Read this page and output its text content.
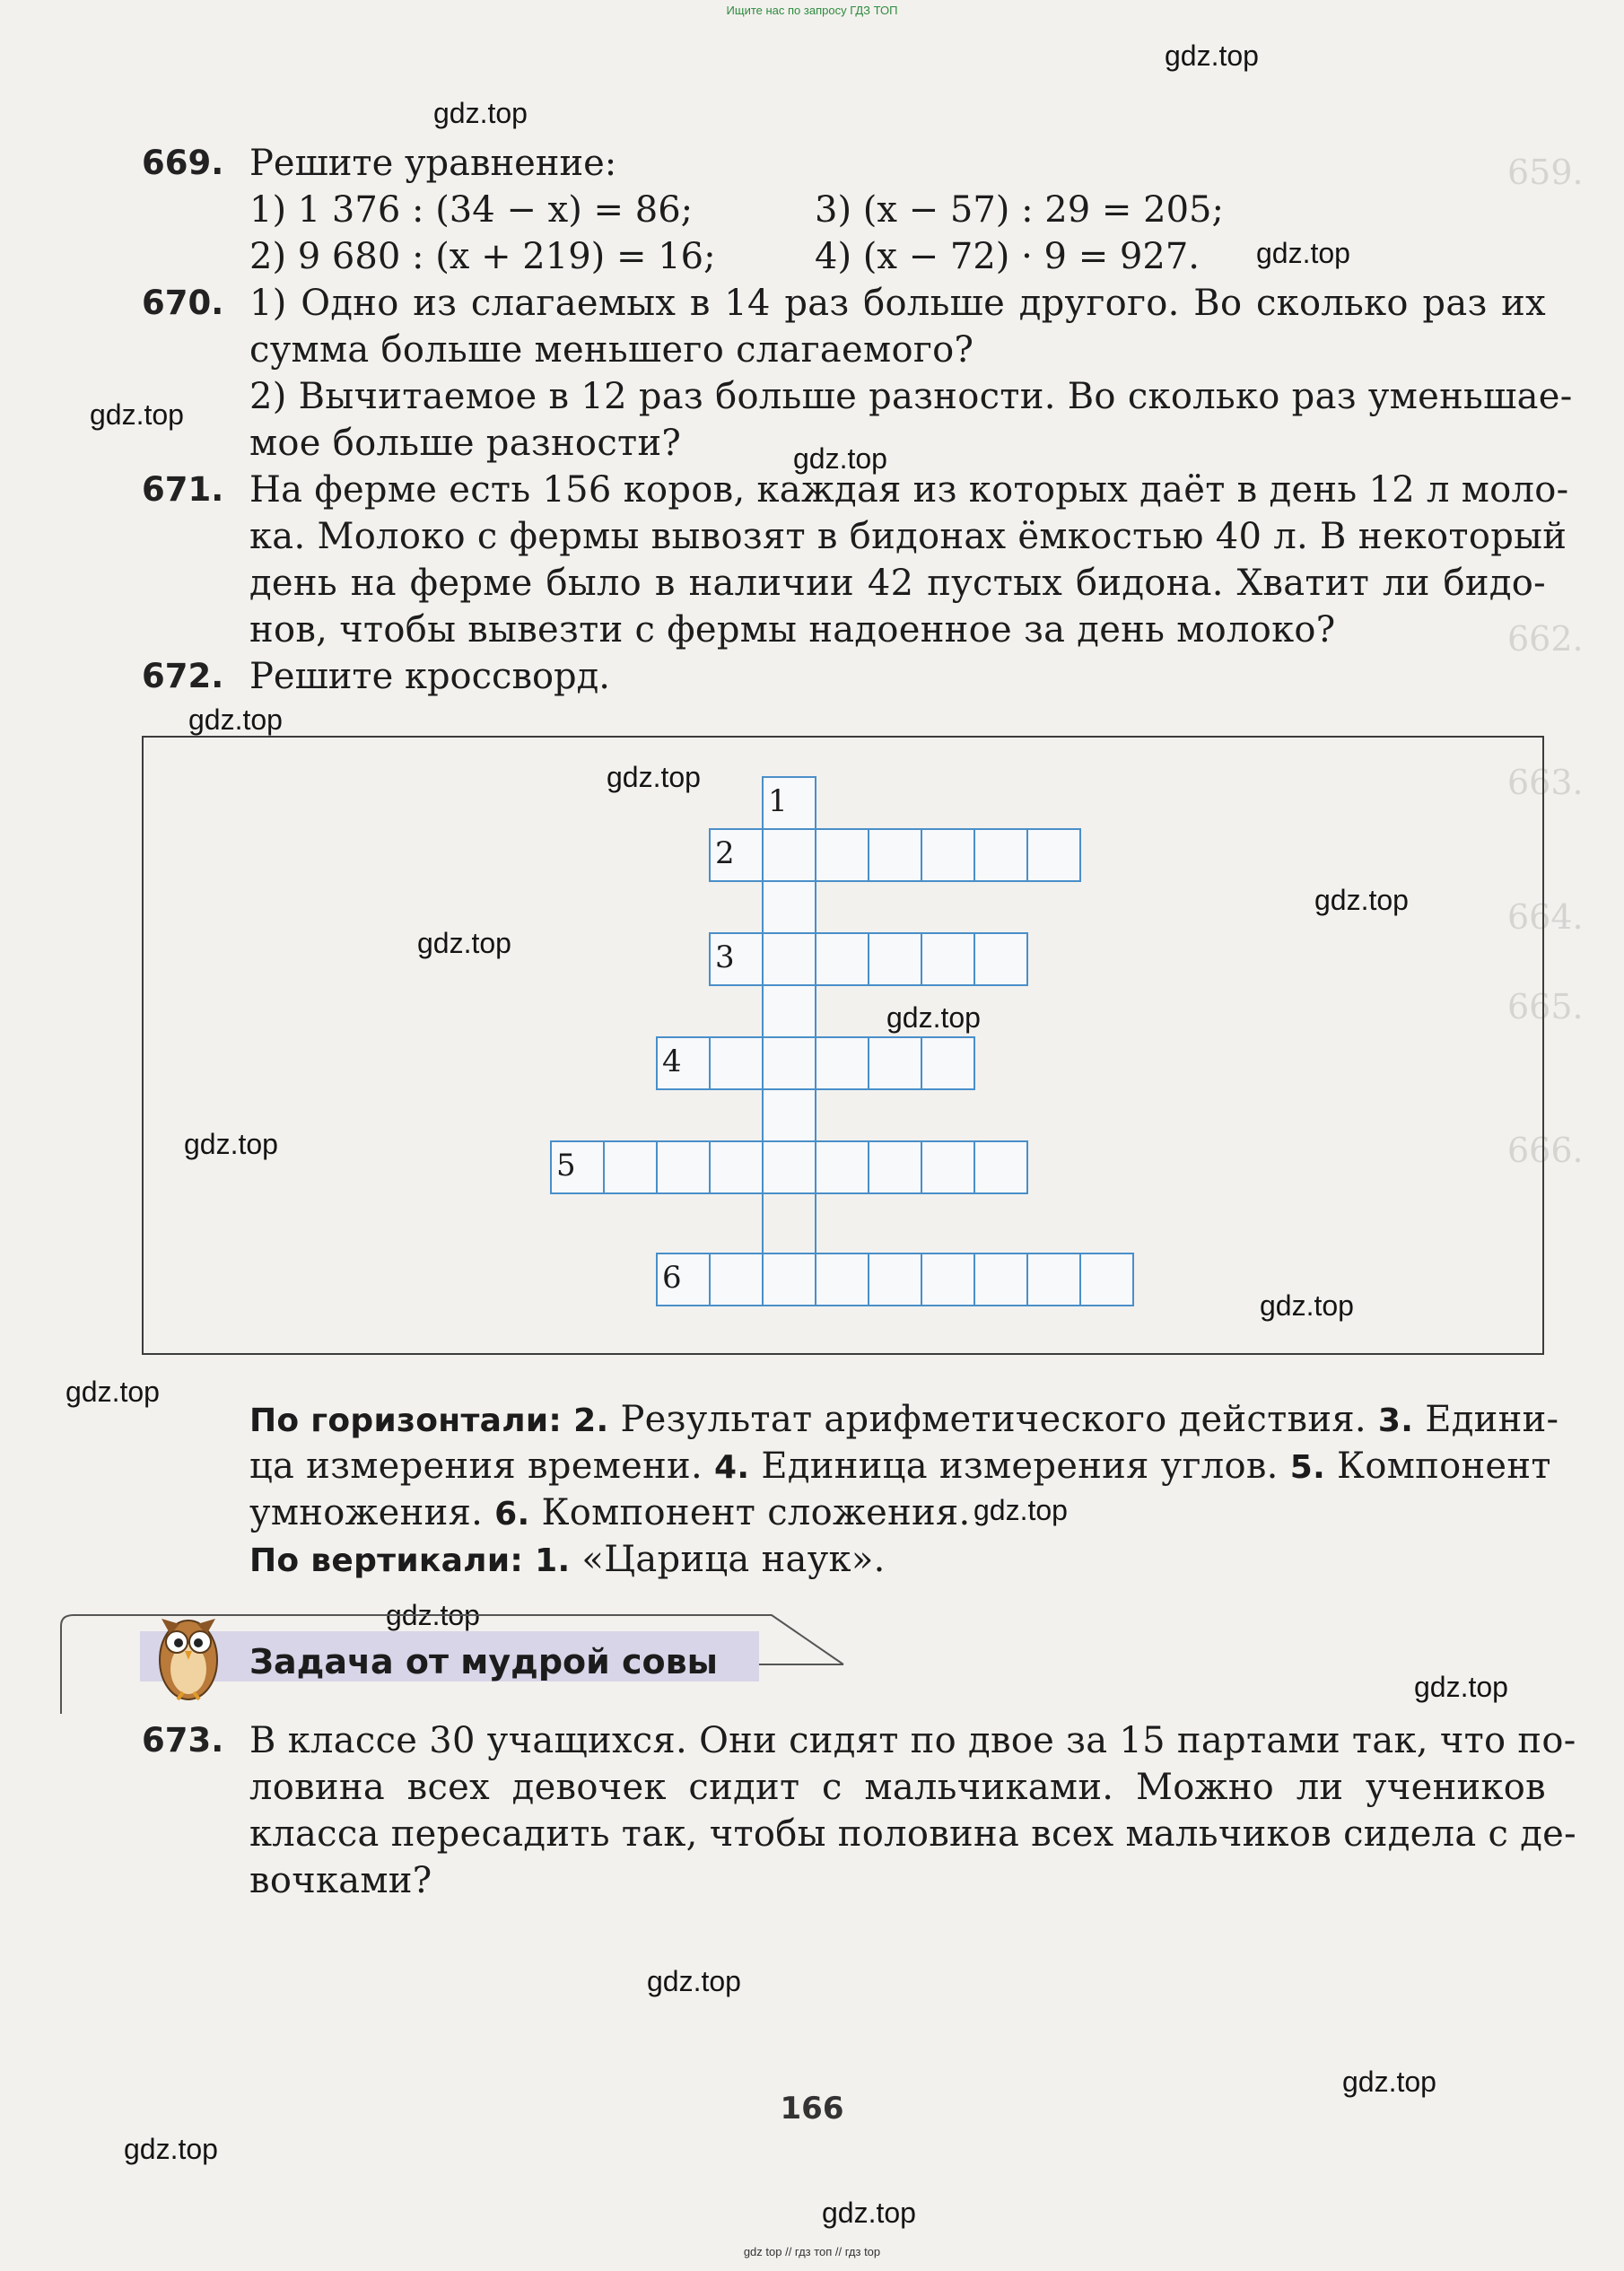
659.
662.
663.
664.
665.
666.
Ищите нас по запросу ГДЗ ТОП
gdz.top
gdz.top
gdz.top
gdz.top
gdz.top
gdz.top
gdz.top
gdz.top
gdz.top
gdz.top
gdz.top
gdz.top
gdz.top
gdz.top
gdz.top
gdz.top
gdz.top
gdz.top
gdz.top
gdz.top
669. Решите уравнение:
1) 1 376 : (34 − x) = 86;	3) (x − 57) : 29 = 205;
2) 9 680 : (x + 219) = 16;	4) (x − 72) · 9 = 927.
670. 1) Одно из слагаемых в 14 раз больше другого. Во сколько раз их
сумма больше меньшего слагаемого?
2) Вычитаемое в 12 раз больше разности. Во сколько раз уменьшае-
мое больше разности?
671. На ферме есть 156 коров, каждая из которых даёт в день 12 л моло-
ка. Молоко с фермы вывозят в бидонах ёмкостью 40 л. В некоторый
день на ферме было в наличии 42 пустых бидона. Хватит ли бидо-
нов, чтобы вывезти с фермы надоенное за день молоко?
672. Решите кроссворд.
1
2
3
4
5
6
По горизонтали: 2. Результат арифметического действия. 3. Едини-
ца измерения времени. 4. Единица измерения углов. 5. Компонент
умножения. 6. Компонент сложения.
По вертикали: 1. «Царица наук».
Задача от мудрой совы
673. В классе 30 учащихся. Они сидят по двое за 15 партами так, что по-
ловина всех девочек сидит с мальчиками. Можно ли учеников
класса пересадить так, чтобы половина всех мальчиков сидела с де-
вочками?
166
gdz top // гдз топ // гдз top
